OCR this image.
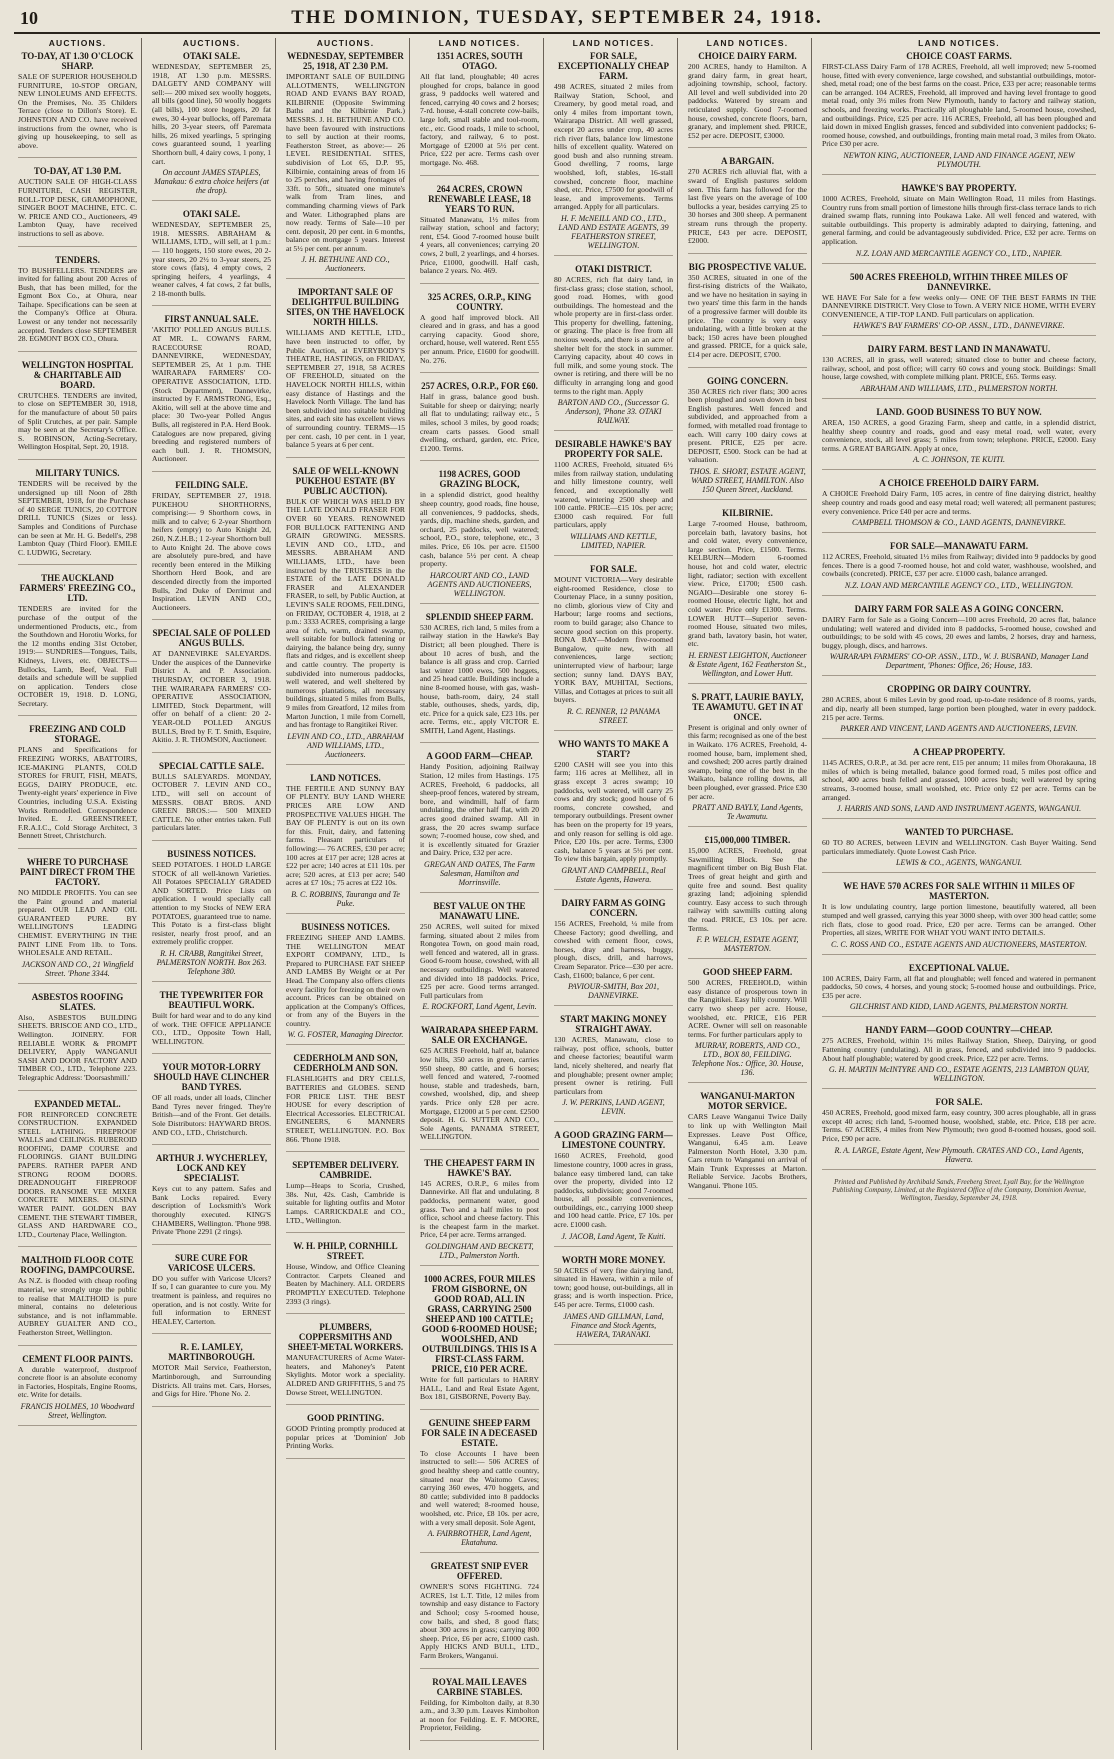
10	THE DOMINION, TUESDAY, SEPTEMBER 24, 1918.
AUCTIONS.
TO-DAY, AT 1.30 O'CLOCK SHARP.
SALE OF SUPERIOR HOUSEHOLD FURNITURE, 10-STOP ORGAN, NEW LINOLEUMS AND EFFECTS. On the Premises, No. 35 Childers Terrace (close to Dillon's Store). E. JOHNSTON AND CO. have received instructions from the owner, who is giving up housekeeping, to sell as above.
TO-DAY, AT 1.30 P.M.
AUCTION SALE OF HIGH-CLASS FURNITURE, CASH REGISTER, ROLL-TOP DESK, GRAMOPHONE, SINGER BOOT MACHINE, ETC. C. W. PRICE AND CO., Auctioneers, 49 Lambton Quay, have received instructions to sell as above.
TENDERS.
TO BUSHFELLERS. TENDERS are invited for falling about 200 Acres of Bush, that has been milled, for the Egmont Box Co., at Ohura, near Taihape. Specifications can be seen at the Company's Office at Ohura. Lowest or any tender not necessarily accepted. Tenders close SEPTEMBER 28. EGMONT BOX CO., Ohura.
WELLINGTON HOSPITAL & CHARITABLE AID BOARD.
CRUTCHES. TENDERS are invited, to close on SEPTEMBER 30, 1918, for the manufacture of about 50 pairs of Split Crutches, at per pair. Sample may be seen at the Secretary's Office. S. ROBINSON, Acting-Secretary, Wellington Hospital, Sept. 20, 1918.
MILITARY TUNICS.
TENDERS will be received by the undersigned up till Noon of 28th SEPTEMBER, 1918, for the Purchase of 40 SERGE TUNICS, 20 COTTON DRILL TUNICS (Sizes or less). Samples and Conditions of Purchase can be seen at Mr. H. G. Bedell's, 298 Lambton Quay (Third Floor). EMILE C. LUDWIG, Secretary.
THE AUCKLAND FARMERS' FREEZING CO., LTD.
TENDERS are invited for the purchase of the output of the undermentioned Products, etc., from the Southdown and Horotiu Works, for the 12 months ending 31st October, 1919:— SUNDRIES—Tongues, Tails, Kidneys, Livers, etc. OBJECTS—Bullocks, Lamb, Beef, Veal. Full details and schedule will be supplied on application. Tenders close OCTOBER 19, 1918. D. LONG, Secretary.
FREEZING AND COLD STORAGE.
PLANS and Specifications for FREEZING WORKS, ABATTOIRS, ICE-MAKING PLANTS, COLD STORES for FRUIT, FISH, MEATS, EGGS, DAIRY PRODUCE, etc. Twenty-eight years' experience in Five Countries, including U.S.A. Existing Works Remodelled. Correspondence Invited. E. J. GREENSTREET, F.R.A.I.C., Cold Storage Architect, 3 Bennett Street, Christchurch.
WHERE TO PURCHASE PAINT DIRECT FROM THE FACTORY.
NO MIDDLE PROFITS. You can see the Paint ground and material prepared. OUR LEAD AND OIL GUARANTEED PURE. BY WELLINGTON'S LEADING CHEMIST. EVERYTHING IN THE PAINT LINE From 1lb. to Tons. WHOLESALE AND RETAIL.
JACKSON AND CO., 21 Wingfield Street. 'Phone 3344.
ASBESTOS ROOFING SLATES.
Also, ASBESTOS BUILDING SHEETS. BRISCOE AND CO., LTD., Wellington. JOINERY. FOR RELIABLE WORK & PROMPT DELIVERY, Apply WANGANUI SASH AND DOOR FACTORY AND TIMBER CO., LTD., Telephone 223. Telegraphic Address: 'Doorsashmill.'
EXPANDED METAL.
FOR REINFORCED CONCRETE CONSTRUCTION. EXPANDED STEEL LATHING. FIREPROOF WALLS and CEILINGS. RUBEROID ROOFING, DAMP COURSE and FLOORINGS. GIANT BUILDING PAPERS. RATHER PAPER AND STRONG ROOM DOORS. DREADNOUGHT FIREPROOF DOORS. RANSOME VEE MIXER CONCRETE MIXERS. OLSINA WATER PAINT. GOLDEN BAY CEMENT. THE STEWART TIMBER, GLASS AND HARDWARE CO., LTD., Courtenay Place, Wellington.
MALTHOID FLOOR COTE ROOFING, DAMPCOURSE.
As N.Z. is flooded with cheap roofing material, we strongly urge the public to realise that MALTHOID is pure mineral, contains no deleterious substance, and is not inflammable. AUBREY GUALTER AND CO., Featherston Street, Wellington.
CEMENT FLOOR PAINTS.
A durable waterproof, dustproof concrete floor is an absolute economy in Factories, Hospitals, Engine Rooms, etc. Write for details.
FRANCIS HOLMES, 10 Woodward Street, Wellington.
AUCTIONS.
OTAKI SALE.
WEDNESDAY, SEPTEMBER 25, 1918, AT 1.30 p.m. MESSRS. DALGETY AND COMPANY will sell:— 200 mixed sex woolly hoggets, all bills (good line), 50 woolly hoggets (all bills), 100 store hoggets, 20 fat ewes, 30 4-year bullocks, off Paremata hills, 20 3-year steers, off Paremata hills, 26 mixed yearlings, 5 springing cows guaranteed sound, 1 yearling Shorthorn bull, 4 dairy cows, 1 pony, 1 cart.
On account JAMES STAPLES, Manakau: 6 extra choice heifers (at the drop).
OTAKI SALE.
WEDNESDAY, SEPTEMBER 25, 1918. MESSRS. ABRAHAM & WILLIAMS, LTD., will sell, at 1 p.m.:— 110 hoggets, 150 store ewes, 20 2-year steers, 20 2½ to 3-year steers, 25 store cows (fats), 4 empty cows, 2 springing heifers, 4 yearlings, 4 weaner calves, 4 fat cows, 2 fat bulls, 2 18-month bulls.
FIRST ANNUAL SALE.
'AKITIO' POLLED ANGUS BULLS. AT MR. L. COWAN'S FARM, RACECOURSE ROAD, DANNEVIRKE, WEDNESDAY, SEPTEMBER 25, At 1 p.m. THE WAIRARAPA FARMERS' CO-OPERATIVE ASSOCIATION, LTD. (Stock Department), Dannevirke, instructed by F. ARMSTRONG, Esq., Akitio, will sell at the above time and place: 30 Two-year Polled Angus Bulls, all registered in P.A. Herd Book. Catalogues are now prepared, giving breeding and registered numbers of each bull. J. R. THOMSON, Auctioneer.
FEILDING SALE.
FRIDAY, SEPTEMBER 27, 1918. PUKEHOU SHORTHORNS, comprising:— 9 Shorthorn cows, in milk and to calve; 6 2-year Shorthorn heifers (empty) to Auto Knight 2d, 260, N.Z.H.B.; 1 2-year Shorthorn bull to Auto Knight 2d. The above cows are absolutely pure-bred, and have recently been entered in the Milking Shorthorn Herd Book, and are descended directly from the imported Bulls, 2nd Duke of Derrimut and Inspiration. LEVIN AND CO., Auctioneers.
SPECIAL SALE OF POLLED ANGUS BULLS.
AT DANNEVIRKE SALEYARDS. Under the auspices of the Dannevirke District A. and P. Association. THURSDAY, OCTOBER 3, 1918. THE WAIRARAPA FARMERS' CO-OPERATIVE ASSOCIATION, LIMITED, Stock Department, will offer on behalf of a client: 20 2-YEAR-OLD POLLED ANGUS BULLS, Bred by F. T. Smith, Esquire, Akitio. J. R. THOMSON, Auctioneer.
SPECIAL CATTLE SALE.
BULLS SALEYARDS. MONDAY, OCTOBER 7. LEVIN AND CO., LTD., will sell on account of MESSRS. OBAT BROS. AND GREEN BROS.:— 500 MIXED CATTLE. No other entries taken. Full particulars later.
BUSINESS NOTICES.
SEED POTATOES. I HOLD LARGE STOCK of all well-known Varieties. All Potatoes SPECIALLY GRADED AND SORTED. Price Lists on application. I would specially call attention to my Stocks of NEW ERA POTATOES, guaranteed true to name. This Potato is a first-class blight resister, nearly frost proof, and an extremely prolific cropper.
R. H. CRABB, Rangitikei Street, PALMERSTON NORTH. Box 263. Telephone 380.
THE TYPEWRITER FOR BEAUTIFUL WORK.
Built for hard wear and to do any kind of work. THE OFFICE APPLIANCE CO., LTD., Opposite Town Hall, WELLINGTON.
YOUR MOTOR-LORRY SHOULD HAVE CLINCHER BAND TYRES.
OF all roads, under all loads, Clincher Band Tyres never fringed. They're British—and of the Front. Get details. Sole Distributors: HAYWARD BROS. AND CO., LTD., Christchurch.
ARTHUR J. WYCHERLEY, LOCK AND KEY SPECIALIST.
Keys cut to any pattern. Safes and Bank Locks repaired. Every description of Locksmith's Work thoroughly executed. KING'S CHAMBERS, Wellington. 'Phone 998. Private 'Phone 2291 (2 rings).
SURE CURE FOR VARICOSE ULCERS.
DO you suffer with Varicose Ulcers? If so, I can guarantee to cure you. My treatment is painless, and requires no operation, and is not costly. Write for full information to ERNEST HEALEY, Carterton.
R. E. LAMLEY, MARTINBOROUGH.
MOTOR Mail Service, Featherston, Martinborough, and Surrounding Districts. All trains met. Cars, Horses, and Gigs for Hire. 'Phone No. 2.
AUCTIONS.
WEDNESDAY, SEPTEMBER 25, 1918, AT 2.30 P.M.
IMPORTANT SALE OF BUILDING ALLOTMENTS, WELLINGTON ROAD AND EVANS BAY ROAD, KILBIRNIE (Opposite Swimming Baths and the Kilbirnie Park.) MESSRS. J. H. BETHUNE AND CO. have been favoured with instructions to sell by auction at their rooms, Featherston Street, as above:— 26 LEVEL RESIDENTIAL SITES, subdivision of Lot 65, D.P. 95, Kilbirnie, containing areas of from 16 to 25 perches, and having frontages of 33ft. to 50ft., situated one minute's walk from Tram lines, and commanding charming views of Park and Water. Lithographed plans are now ready. Terms of Sale—10 per cent. deposit, 20 per cent. in 6 months, balance on mortgage 5 years. Interest at 5½ per cent. per annum.
J. H. BETHUNE AND CO., Auctioneers.
IMPORTANT SALE OF DELIGHTFUL BUILDING SITES, ON THE HAVELOCK NORTH HILLS.
WILLIAMS AND KETTLE, LTD., have been instructed to offer, by Public Auction, at EVERYBODY'S THEATRE, HASTINGS, on FRIDAY, SEPTEMBER 27, 1918, 58 ACRES OF FREEHOLD, situated on the HAVELOCK NORTH HILLS, within easy distance of Hastings and the Havelock North Village. The land has been subdivided into suitable building sites, and each site has excellent views of surrounding country. TERMS—15 per cent. cash, 10 per cent. in 1 year, balance 5 years at 6 per cent.
SALE OF WELL-KNOWN PUKEHOU ESTATE (BY PUBLIC AUCTION).
BULK OF WHICH WAS HELD BY THE LATE DONALD FRASER FOR OVER 60 YEARS. RENOWNED FOR BULLOCK FATTENING AND GRAIN GROWING. MESSRS. LEVIN AND CO., LTD., and MESSRS. ABRAHAM AND WILLIAMS, LTD., have been instructed by the TRUSTEES in the ESTATE of the LATE DONALD FRASER and ALEXANDER FRASER, to sell, by Public Auction, at LEVIN'S SALE ROOMS, FEILDING, on FRIDAY, OCTOBER 4, 1918, at 2 p.m.: 3333 ACRES, comprising a large area of rich, warm, drained swamp, well suitable for bullock fattening or dairying, the balance being dry, sunny flats and ridges, and is excellent sheep and cattle country. The property is subdivided into numerous paddocks, well watered, and well sheltered by numerous plantations, all necessary buildings, situated 5 miles from Bulls, 9 miles from Greatford, 12 miles from Marton Junction, 1 mile from Cornell, and has frontage to Rangitikei River.
LEVIN AND CO., LTD., ABRAHAM AND WILLIAMS, LTD., Auctioneers.
LAND NOTICES.
THE FERTILE AND SUNNY BAY OF PLENTY. BUY LAND WHERE PRICES ARE LOW AND PROSPECTIVE VALUES HIGH. The BAY OF PLENTY is out on its own for this. Fruit, dairy, and fattening farms. Pleasant particulars of following:— 76 ACRES, £30 per acre; 100 acres at £17 per acre; 128 acres at £22 per acre; 140 acres at £11 10s. per acre; 520 acres, at £13 per acre; 540 acres at £7 10s.; 75 acres at £22 10s.
B. C. ROBBINS, Tauranga and Te Puke.
BUSINESS NOTICES.
FREEZING SHEEP AND LAMBS. THE WELLINGTON MEAT EXPORT COMPANY, LTD., Is Prepared to PURCHASE FAT SHEEP AND LAMBS By Weight or at Per Head. The Company also offers clients every facility for freezing on their own account. Prices can be obtained on application at the Company's Offices, or from any of the Buyers in the country.
W. G. FOSTER, Managing Director.
CEDERHOLM AND SON, CEDERHOLM AND SON.
FLASHLIGHTS and DRY CELLS, BATTERIES and GLOBES. SEND FOR PRICE LIST. THE BEST HOUSE for every description of Electrical Accessories. ELECTRICAL ENGINEERS, 6 MANNERS STREET, WELLINGTON. P.O. Box 866. 'Phone 1918.
SEPTEMBER DELIVERY. CAMBRIDE.
Lump—Heaps to Scoria, Crushed, 38s. Nut, 42s. Cash, Cambride is suitable for lighting outfits and Motor Lamps. CARRICKDALE and CO., LTD., Wellington.
W. H. PHILP, CORNHILL STREET.
House, Window, and Office Cleaning Contractor. Carpets Cleaned and Beaten by Machinery. ALL ORDERS PROMPTLY EXECUTED. Telephone 2393 (3 rings).
PLUMBERS, COPPERSMITHS AND SHEET-METAL WORKERS.
MANUFACTURERS of Acme Water-heaters, and Mahoney's Patent Skylights. Motor work a speciality. ALDRED AND GRIFFITHS, 5 and 75 Dowse Street, WELLINGTON.
GOOD PRINTING.
GOOD Printing promptly produced at popular prices at 'Dominion' Job Printing Works.
LAND NOTICES.
1351 ACRES, SOUTH OTAGO.
All flat land, ploughable; 40 acres ploughed for crops, balance in good grass, 9 paddocks well watered and fenced, carrying 40 cows and 2 horses; 7-rd. house, 4-stall concrete cow-bails, large loft, small stable and tool-room, etc., etc. Good roads, 1 mile to school, factory, and railway, 6 to post. Mortgage of £2000 at 5½ per cent. Price, £22 per acre. Terms cash over mortgage. No. 468.
264 ACRES, CROWN RENEWABLE LEASE, 18 YEARS TO RUN.
Situated Manawatu, 1½ miles from railway station, school and factory; rent, £54. Good 7-roomed house built 4 years, all conveniences; carrying 20 cows, 2 bull, 2 yearlings, and 4 horses. Price, £1000, goodwill. Half cash, balance 2 years. No. 469.
325 ACRES, O.R.P., KING COUNTRY.
A good half improved block. All cleared and in grass, and has a good carrying capacity. Good shore, orchard, house, well watered. Rent £55 per annum. Price, £1600 for goodwill. No. 276.
257 ACRES, O.R.P., FOR £60.
Half in grass, balance good bush. Suitable for sheep or dairying; nearly all flat to undulating; railway etc., 5 miles, school 3 miles, by good roads; cream carts passes. Good small dwelling, orchard, garden, etc. Price, £1200. Terms.
1198 ACRES, GOOD GRAZING BLOCK,
in a splendid district, good healthy sheep country, good roads, fine house, all conveniences, 9 paddocks, sheds, yards, dip, machine sheds, garden, and orchard, 25 paddocks, well watered; school, P.O., store, telephone, etc., 3 miles. Price, £6 10s. per acre. £1500 cash, balance 5½ per cent. A cheap property.
HARCOURT AND CO., LAND AGENTS AND AUCTIONEERS, WELLINGTON.
SPLENDID SHEEP FARM.
530 ACRES, rich land, 5 miles from a railway station in the Hawke's Bay District; all been ploughed. There is about 10 acres of bush, and the balance is all grass and crop. Carried last winter 1000 ewes, 500 hoggets, and 25 head cattle. Buildings include a nine 8-roomed house, with gas, wash-house, bath-room, dairy, 24 stall stable, outhouses, sheds, yards, dip, etc. Price for a quick sale, £23 10s. per acre. Terms, etc., apply VICTOR E. SMITH, Land Agent, Hastings.
A GOOD FARM—CHEAP.
Handy Position, adjoining Railway Station, 12 miles from Hastings. 175 ACRES, Freehold, 6 paddocks, all sheep-proof fences, watered by stream, bore, and windmill, half of farm undulating, the other half flat, with 20 acres good drained swamp. All in grass, the 20 acres swamp surface sown; 7-roomed house, cow shed, and it is excellently situated for Grazier and Dairy. Price, £32 per acre.
GREGAN AND OATES, The Farm Salesman, Hamilton and Morrinsville.
BEST VALUE ON THE MANAWATU LINE.
250 ACRES, well suited for mixed farming, situated about 2 miles from Rongotea Town, on good main road, well fenced and watered, all in grass. Good 6-room house, cowshed, with all necessary outbuildings. Well watered and divided into 18 paddocks. Price, £25 per acre. Good terms arranged. Full particulars from
E. ROCKFORT, Land Agent, Levin.
WAIRARAPA SHEEP FARM. SALE OR EXCHANGE.
625 ACRES Freehold, half at, balance low hills, 350 acres in green, carries 950 sheep, 80 cattle, and 6 horses; well fenced and watered, 7-roomed house, stable and tradesheds, barn, cowshed, woolshed, dip, and sheep yards. Price only £28 per acre. Mortgage, £12000 at 5 per cent. £2500 deposit. H. G. SUTTER AND CO., Sole Agents, PANAMA STREET, WELLINGTON.
THE CHEAPEST FARM IN HAWKE'S BAY.
145 ACRES, O.R.P., 6 miles from Dannevirke. All flat and undulating. 8 paddocks, permanent water, good grass. Two and a half miles to post office, school and cheese factory. This is the cheapest farm in the market. Price, £4 per acre. Terms arranged.
GOLDINGHAM AND BECKETT, LTD., Palmerston North.
1000 ACRES, FOUR MILES FROM GISBORNE, ON GOOD ROAD, ALL IN GRASS, CARRYING 2500 SHEEP AND 100 CATTLE; GOOD 6-ROOMED HOUSE; WOOLSHED, AND OUTBUILDINGS. THIS IS A FIRST-CLASS FARM. PRICE, £10 PER ACRE.
Write for full particulars to HARRY HALL, Land and Real Estate Agent, Box 181, GISBORNE, Poverty Bay.
GENUINE SHEEP FARM FOR SALE IN A DECEASED ESTATE.
To close Accounts I have been instructed to sell:— 506 ACRES of good healthy sheep and cattle country, situated near the Waitomo Caves; carrying 360 ewes, 470 hoggets, and 80 cattle; subdivided into 8 paddocks and well watered; 8-roomed house, woolshed, etc. Price, £8 10s. per acre, with a very small deposit. Sole Agent,
A. FAIRBROTHER, Land Agent, Ekatahuna.
GREATEST SNIP EVER OFFERED.
OWNER'S SONS FIGHTING. 724 ACRES, 1st L.T. Title, 12 miles from township and easy distance to Factory and School; cosy 5-roomed house, cow bails, and shed, 8 good flats; about 300 acres in grass; carrying 800 sheep. Price, £6 per acre, £1000 cash. Apply HICKS AND BULL, LTD., Farm Brokers, Wanganui.
ROYAL MAIL LEAVES CARBINE STABLES.
Feilding, for Kimbolton daily, at 8.30 a.m., and 3.30 p.m. Leaves Kimbolton at noon for Feilding. E. F. MOORE, Proprietor, Feilding.
LAND NOTICES.
FOR SALE, EXCEPTIONALLY CHEAP FARM.
498 ACRES, situated 2 miles from Railway Station, School, and Creamery, by good metal road, and only 4 miles from important town, Wairarapa District. All well grassed, except 20 acres under crop, 40 acres rich river flats, balance low limestone hills of excellent quality. Watered on good bush and also running stream. Good dwelling, 7 rooms, large woolshed, loft, stables, 16-stall cowshed, concrete floor, machine shed, etc. Price, £7500 for goodwill of lease, and improvements. Terms arranged. Apply for all particulars.
H. F. McNEILL AND CO., LTD., LAND AND ESTATE AGENTS, 39 FEATHERSTON STREET, WELLINGTON.
OTAKI DISTRICT.
80 ACRES, rich flat dairy land, in first-class grass; close station, school, good road. Homes, with good outbuildings. The homestead and the whole property are in first-class order. This property for dwelling, fattening, or grazing. The place is free from all noxious weeds, and there is an acre of shelter belt for the stock in summer. Carrying capacity, about 40 cows in full milk, and some young stock. The owner is retiring, and there will be no difficulty in arranging long and good terms to the right man. Apply
BARTON AND CO., (Successor G. Anderson), 'Phone 33. OTAKI RAILWAY.
DESIRABLE HAWKE'S BAY PROPERTY FOR SALE.
1100 ACRES, Freehold, situated 6½ miles from railway station, undulating and hilly limestone country, well fenced, and exceptionally well watered, wintering 2500 sheep and 100 cattle. PRICE—£15 10s. per acre; £3000 cash required. For full particulars, apply
WILLIAMS AND KETTLE, LIMITED, NAPIER.
FOR SALE.
MOUNT VICTORIA—Very desirable eight-roomed Residence, close to Courtenay Place, in a sunny position, no climb, glorious view of City and Harbour; large rooms and sections, room to build garage; also Chance to secure good section on this property. RONA BAY—Modern five-roomed Bungalow, quite new, with all conveniences, large section; uninterrupted view of harbour; large section; sunny land. DAYS BAY, YORK BAY, MUHITAI, Sections, Villas, and Cottages at prices to suit all buyers.
R. C. RENNER, 12 PANAMA STREET.
WHO WANTS TO MAKE A START?
£200 CASH will see you into this farm; 116 acres at Mellihez, all in grass except 3 acres swamp; 10 paddocks, well watered, will carry 25 cows and dry stock; good house of 6 rooms, concrete cowshed, and temporary outbuildings. Present owner has been on the property for 19 years, and only reason for selling is old age. Price, £20 10s. per acre. Terms, £300 cash, balance 5 years at 5½ per cent. To view this bargain, apply promptly.
GRANT AND CAMPBELL, Real Estate Agents, Hawera.
DAIRY FARM AS GOING CONCERN.
156 ACRES, Freehold, ¼ mile from Cheese Factory; good dwelling, and cowshed with cement floor, cows, horses, dray and harness, buggy, plough, discs, drill, and harrows, Cream Separator. Price—£30 per acre. Cash, £1600; balance, 6 per cent.
PAVIOUR-SMITH, Box 201, DANNEVIRKE.
START MAKING MONEY STRAIGHT AWAY.
130 ACRES, Manawatu, close to railway, post office, schools, butter and cheese factories; beautiful warm land, nicely sheltered, and nearly flat and ploughable; present owner ample; present owner is retiring. Full particulars from
J. W. PERKINS, LAND AGENT, LEVIN.
A GOOD GRAZING FARM—LIMESTONE COUNTRY.
1660 ACRES, Freehold, good limestone country, 1000 acres in grass, balance easy timbered land, can take over the property, divided into 12 paddocks, subdivision; good 7-roomed house, all possible conveniences, outbuildings, etc., carrying 1000 sheep and 100 head cattle. Price, £7 10s. per acre. £1000 cash.
J. JACOB, Land Agent, Te Kuiti.
WORTH MORE MONEY.
50 ACRES of very fine dairying land, situated in Hawera, within a mile of town; good house, out-buildings, all in grass; and is worth inspection. Price, £45 per acre. Terms, £1000 cash.
JAMES AND GILLMAN, Land, Finance and Stock Agents, HAWERA, TARANAKI.
LAND NOTICES.
CHOICE DAIRY FARM.
200 ACRES, handy to Hamilton. A grand dairy farm, in great heart, adjoining township, school, factory. All level and well subdivided into 20 paddocks. Watered by stream and reticulated supply. Good 7-roomed house, cowshed, concrete floors, barn, granary, and implement shed. PRICE, £52 per acre. DEPOSIT, £3000.
A BARGAIN.
270 ACRES rich alluvial flat, with a sward of English pastures seldom seen. This farm has followed for the last five years on the average of 100 bullocks a year, besides carrying 25 to 30 horses and 300 sheep. A permanent stream runs through the property. PRICE, £43 per acre. DEPOSIT, £2000.
BIG PROSPECTIVE VALUE.
350 ACRES, situated in one of the first-rising districts of the Waikato, and we have no hesitation in saying in two years' time this farm in the hands of a progressive farmer will double its price. The country is very easy undulating, with a little broken at the back; 150 acres have been ploughed and grassed. PRICE, for a quick sale, £14 per acre. DEPOSIT, £700.
GOING CONCERN.
350 ACRES rich river flats; 300 acres been ploughed and sown down in best English pastures. Well fenced and subdivided, and approached from a formed, with metalled road frontage to each. Will carry 100 dairy cows at present. PRICE, £25 per acre. DEPOSIT, £500. Stock can be had at valuation.
THOS. E. SHORT, ESTATE AGENT, WARD STREET, HAMILTON. Also 150 Queen Street, Auckland.
KILBIRNIE.
Large 7-roomed House, bathroom, porcelain bath, lavatory basins, hot and cold water, every convenience, large section. Price, £1500. Terms. KELBURN—Modern 6-roomed house, hot and cold water, electric light, radiator; section with excellent view. Price, £1700; £500 cash. NGAIO—Desirable one storey 6-roomed House, electric light, hot and cold water. Price only £1300. Terms. LOWER HUTT—Superior seven-roomed House, situated two miles, grand bath, lavatory basin, hot water, etc.
H. ERNEST LEIGHTON, Auctioneer & Estate Agent, 162 Featherston St., Wellington, and Lower Hutt.
S. PRATT, LAURIE BAYLY, TE AWAMUTU. GET IN AT ONCE.
Present is original and only owner of this farm; recognised as one of the best in Waikato. 176 ACRES, Freehold, 4-roomed house, barn, implement shed, and cowshed; 200 acres partly drained swamp, being one of the best in the Waikato, balance rolling downs, all been ploughed, ever grassed. Price £30 per acre.
PRATT AND BAYLY, Land Agents, Te Awamutu.
£15,000,000 TIMBER.
15,000 ACRES, Freehold, great Sawmilling Block. See the magnificent timber on Big Bush Flat. Trees of great height and girth and quite free and sound. Best quality grazing land; adjoining splendid country. Easy access to such through railway with sawmills cutting along the road. PRICE, £3 10s. per acre. Terms.
F. P. WELCH, ESTATE AGENT, MASTERTON.
GOOD SHEEP FARM.
500 ACRES, FREEHOLD, within easy distance of prosperous town in the Rangitikei. Easy hilly country. Will carry two sheep per acre. House, woolshed, etc. PRICE, £16 PER ACRE. Owner will sell on reasonable terms. For further particulars apply to
MURRAY, ROBERTS, AND CO., LTD., BOX 80, FEILDING. Telephone Nos.: Office, 30. House, 136.
WANGANUI-MARTON MOTOR SERVICE.
CARS Leave Wanganui Twice Daily to link up with Wellington Mail Expresses. Leave Post Office, Wanganui, 6.45 a.m. Leave Palmerston North Hotel, 3.30 p.m. Cars return to Wanganui on arrival of Main Trunk Expresses at Marton. Reliable Service. Jacobs Brothers, Wanganui. 'Phone 105.
LAND NOTICES.
CHOICE COAST FARMS.
FIRST-CLASS Dairy Farm of 178 ACRES, Freehold, all well improved; new 5-roomed house, fitted with every convenience, large cowshed, and substantial outbuildings, motor-shed, metal road; one of the best farms on the coast. Price, £33 per acre; reasonable terms can be arranged. 104 ACRES, Freehold, all improved and having level frontage to good metal road, only 3½ miles from New Plymouth, handy to factory and railway station, schools, and freezing works. Practically all ploughable land, 5-roomed house, cowshed, and outbuildings. Price, £25 per acre. 116 ACRES, Freehold, all has been ploughed and laid down in mixed English grasses, fenced and subdivided into convenient paddocks; 6-roomed house, cowshed, and outbuildings, fronting main metal road, 3 miles from Okato. Price £30 per acre.
NEWTON KING, AUCTIONEER, LAND AND FINANCE AGENT, NEW PLYMOUTH.
HAWKE'S BAY PROPERTY.
1000 ACRES, Freehold, situate on Main Wellington Road, 11 miles from Hastings. Country runs from small portion of limestone hills through first-class terrace lands to rich drained swamp flats, running into Poukawa Lake. All well fenced and watered, with suitable outbuildings. This property is admirably adapted to dairying, fattening, and general farming, and could be advantageously subdivided. Price, £32 per acre. Terms on application.
N.Z. LOAN AND MERCANTILE AGENCY CO., LTD., NAPIER.
500 ACRES FREEHOLD, WITHIN THREE MILES OF DANNEVIRKE.
WE HAVE For Sale for a few weeks only— ONE OF THE BEST FARMS IN THE DANNEVIRKE DISTRICT. Very Close to Town. A VERY NICE HOME, WITH EVERY CONVENIENCE, A TIP-TOP LAND. Full particulars on application.
HAWKE'S BAY FARMERS' CO-OP. ASSN., LTD., DANNEVIRKE.
DAIRY FARM. BEST LAND IN MANAWATU.
130 ACRES, all in grass, well watered; situated close to butter and cheese factory, railway, school, and post office; will carry 60 cows and young stock. Buildings: Small house, large cowshed, with complete milking plant. PRICE, £65. Terms easy.
ABRAHAM AND WILLIAMS, LTD., PALMERSTON NORTH.
LAND. GOOD BUSINESS TO BUY NOW.
AREA, 150 ACRES, a good Grazing Farm, sheep and cattle, in a splendid district, healthy sheep country and roads, good and easy metal road, well water, every convenience, stock, all level grass; 5 miles from town; telephone. PRICE, £2000. Easy terms. A GREAT BARGAIN. Apply at once,
A. C. JOHNSON, TE KUITI.
A CHOICE FREEHOLD DAIRY FARM.
A CHOICE Freehold Dairy Farm, 105 acres, in centre of fine dairying district, healthy sheep country and roads good and easy metal road; well watered; all permanent pastures; every convenience. Price £40 per acre and terms.
CAMPBELL THOMSON & CO., LAND AGENTS, DANNEVIRKE.
FOR SALE—MANAWATU FARM.
112 ACRES, Freehold, situated 1½ miles from Railway; divided into 9 paddocks by good fences. There is a good 7-roomed house, hot and cold water, washhouse, woolshed, and cowbails (concreted). PRICE, £37 per acre. £1000 cash, balance arranged.
N.Z. LOAN AND MERCANTILE AGENCY CO., LTD., WELLINGTON.
DAIRY FARM FOR SALE AS A GOING CONCERN.
DAIRY Farm for Sale as a Going Concern—100 acres Freehold, 20 acres flat, balance undulating; well watered and divided into 8 paddocks, 5-roomed house, cowshed and outbuildings; to be sold with 45 cows, 20 ewes and lambs, 2 horses, dray and harness, buggy, plough, discs, and harrows.
WAIRARAPA FARMERS' CO-OP. ASSN., LTD., W. J. BUSBAND, Manager Land Department, 'Phones: Office, 26; House, 183.
CROPPING OR DAIRY COUNTRY.
280 ACRES, about 6 miles Levin by good road, up-to-date residence of 8 rooms, yards, and dip, nearly all been stumped, large portion been ploughed, water in every paddock. 215 per acre. Terms.
PARKER AND VINCENT, LAND AGENTS AND AUCTIONEERS, LEVIN.
A CHEAP PROPERTY.
1145 ACRES, O.R.P., at 3d. per acre rent, £15 per annum; 11 miles from Ohorakauna, 18 miles of which is being metalled, balance good formed road, 5 miles post office and school, 400 acres bush felled and grassed, 1000 acres bush; well watered by spring streams, 3-roomed house, small woolshed, etc. Price only £2 per acre. Terms can be arranged.
J. HARRIS AND SONS, LAND AND INSTRUMENT AGENTS, WANGANUI.
WANTED TO PURCHASE.
60 TO 80 ACRES, between LEVIN and WELLINGTON. Cash Buyer Waiting. Send particulars immediately. Quote Lowest Cash Price.
LEWIS & CO., AGENTS, WANGANUI.
WE HAVE 570 ACRES FOR SALE WITHIN 11 MILES OF MASTERTON.
It is low undulating country, large portion limestone, beautifully watered, all been stumped and well grassed, carrying this year 3000 sheep, with over 300 head cattle; some rich flats, close to good road. Price, £20 per acre. Terms can be arranged. Other Properties, all sizes, WRITE FOR WHAT YOU WANT INTO DETAILS.
C. C. ROSS AND CO., ESTATE AGENTS AND AUCTIONEERS, MASTERTON.
EXCEPTIONAL VALUE.
100 ACRES, Dairy Farm, all flat and ploughable; well fenced and watered in permanent paddocks, 50 cows, 4 horses, and young stock; 5-roomed house and outbuildings. Price, £35 per acre.
GILCHRIST AND KIDD, LAND AGENTS, PALMERSTON NORTH.
HANDY FARM—GOOD COUNTRY—CHEAP.
275 ACRES, Freehold, within 1½ miles Railway Station, Sheep, Dairying, or good Fattening country (undulating). All in grass, fenced, and subdivided into 9 paddocks. About half ploughable; watered by good creek. Price, £22 per acre. Terms.
G. H. MARTIN McINTYRE AND CO., ESTATE AGENTS, 213 LAMBTON QUAY, WELLINGTON.
FOR SALE.
450 ACRES, Freehold, good mixed farm, easy country, 300 acres ploughable, all in grass except 40 acres; rich land, 5-roomed house, woolshed, stable, etc. Price, £18 per acre. Terms. 67 ACRES, 4 miles from New Plymouth; two good 8-roomed houses, good soil. Price, £90 per acre.
R. A. LARGE, Estate Agent, New Plymouth. CRATES AND CO., Land Agents, Hawera.
Printed and Published by Archibald Sands, Freeberg Street, Lyall Bay, for the Wellington Publishing Company, Limited, at the Registered Office of the Company, Dominion Avenue, Wellington, Tuesday, September 24, 1918.
